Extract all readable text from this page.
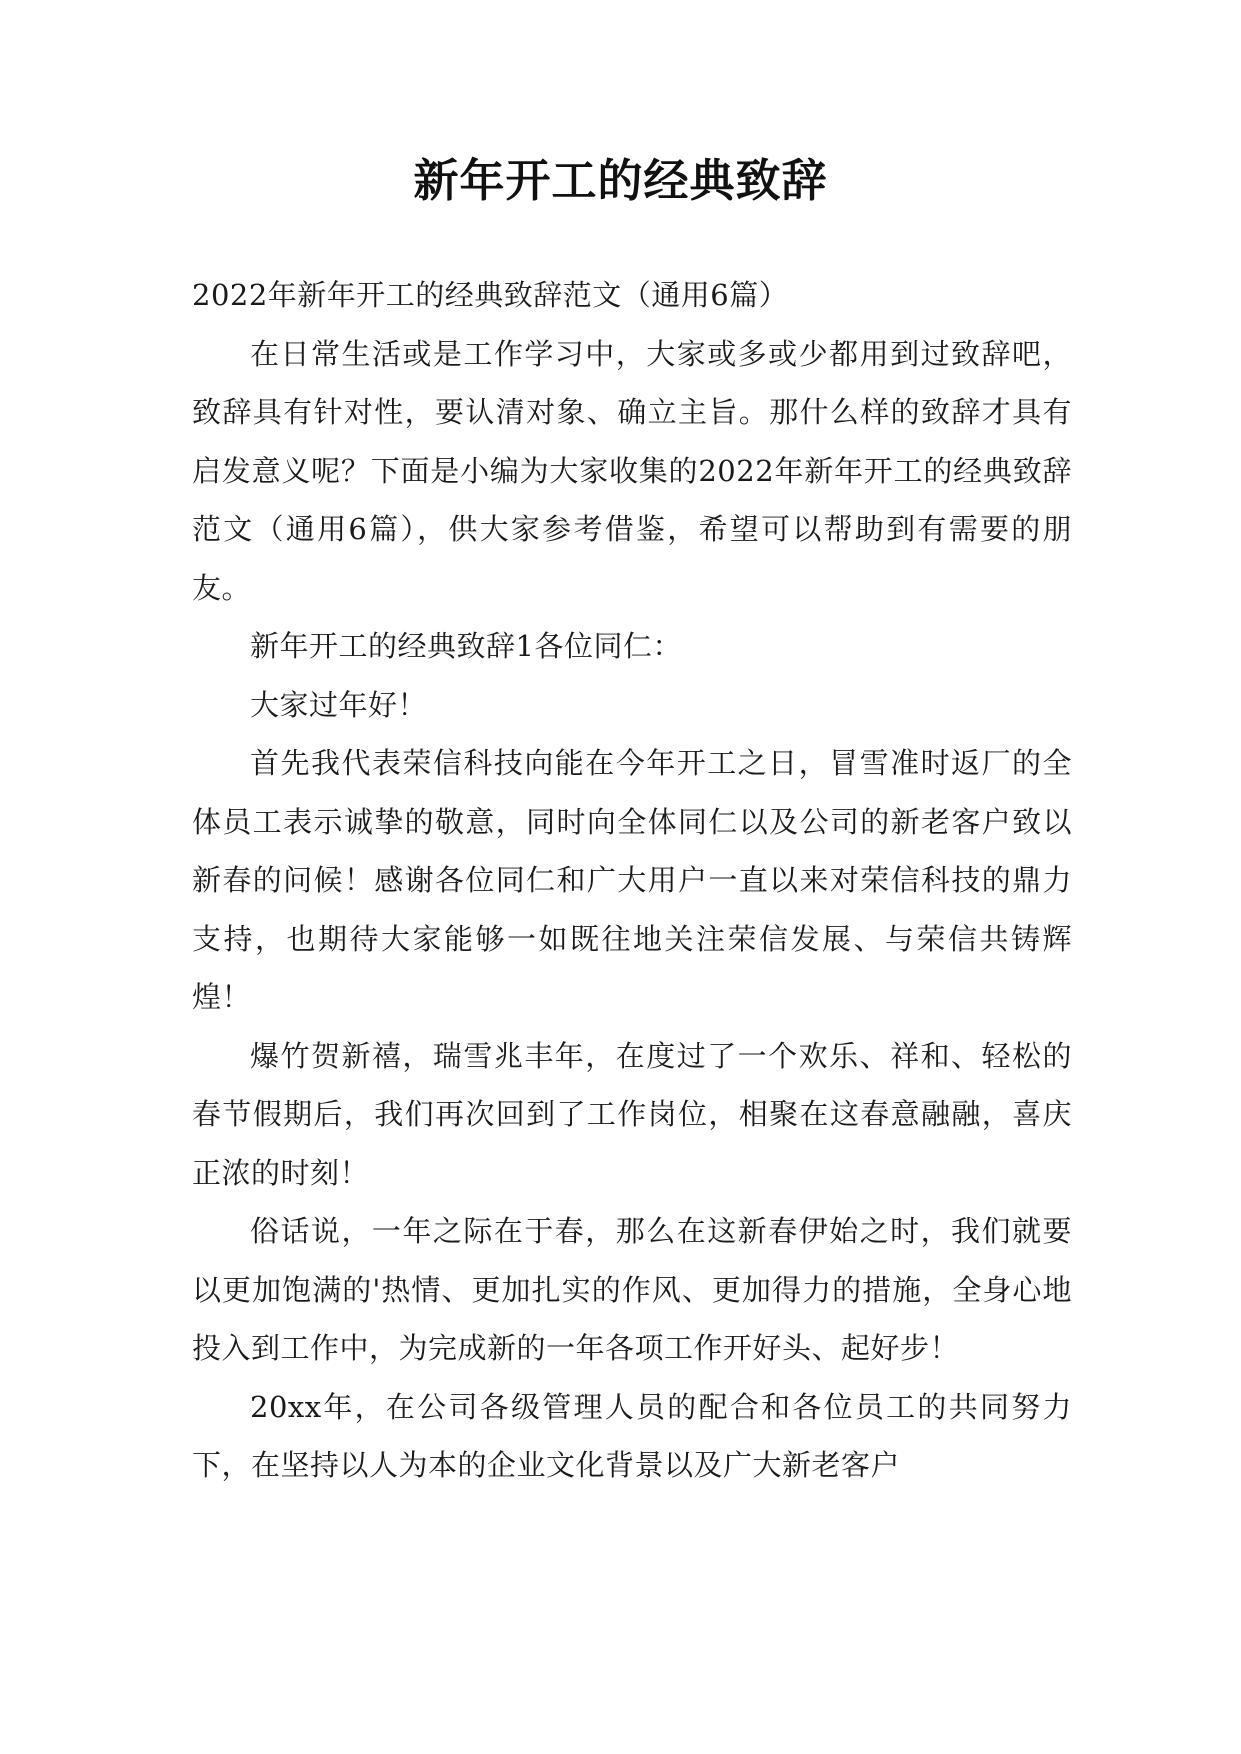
新年开工的经典致辞

2022年新年开工的经典致辞范文（通用6篇）

在日常生活或是工作学习中，大家或多或少都用到过致辞吧，致辞具有针对性，要认清对象、确立主旨。那什么样的致辞才具有启发意义呢？下面是小编为大家收集的2022年新年开工的经典致辞范文（通用6篇），供大家参考借鉴，希望可以帮助到有需要的朋友。

新年开工的经典致辞1各位同仁：

大家过年好！

首先我代表荣信科技向能在今年开工之日，冒雪准时返厂的全体员工表示诚挚的敬意，同时向全体同仁以及公司的新老客户致以新春的问候！感谢各位同仁和广大用户一直以来对荣信科技的鼎力支持，也期待大家能够一如既往地关注荣信发展、与荣信共铸辉煌！

爆竹贺新禧，瑞雪兆丰年，在度过了一个欢乐、祥和、轻松的春节假期后，我们再次回到了工作岗位，相聚在这春意融融，喜庆正浓的时刻！

俗话说，一年之际在于春，那么在这新春伊始之时，我们就要以更加饱满的'热情、更加扎实的作风、更加得力的措施，全身心地投入到工作中，为完成新的一年各项工作开好头、起好步！

20xx年，在公司各级管理人员的配合和各位员工的共同努力下，在坚持以人为本的企业文化背景以及广大新老客户
